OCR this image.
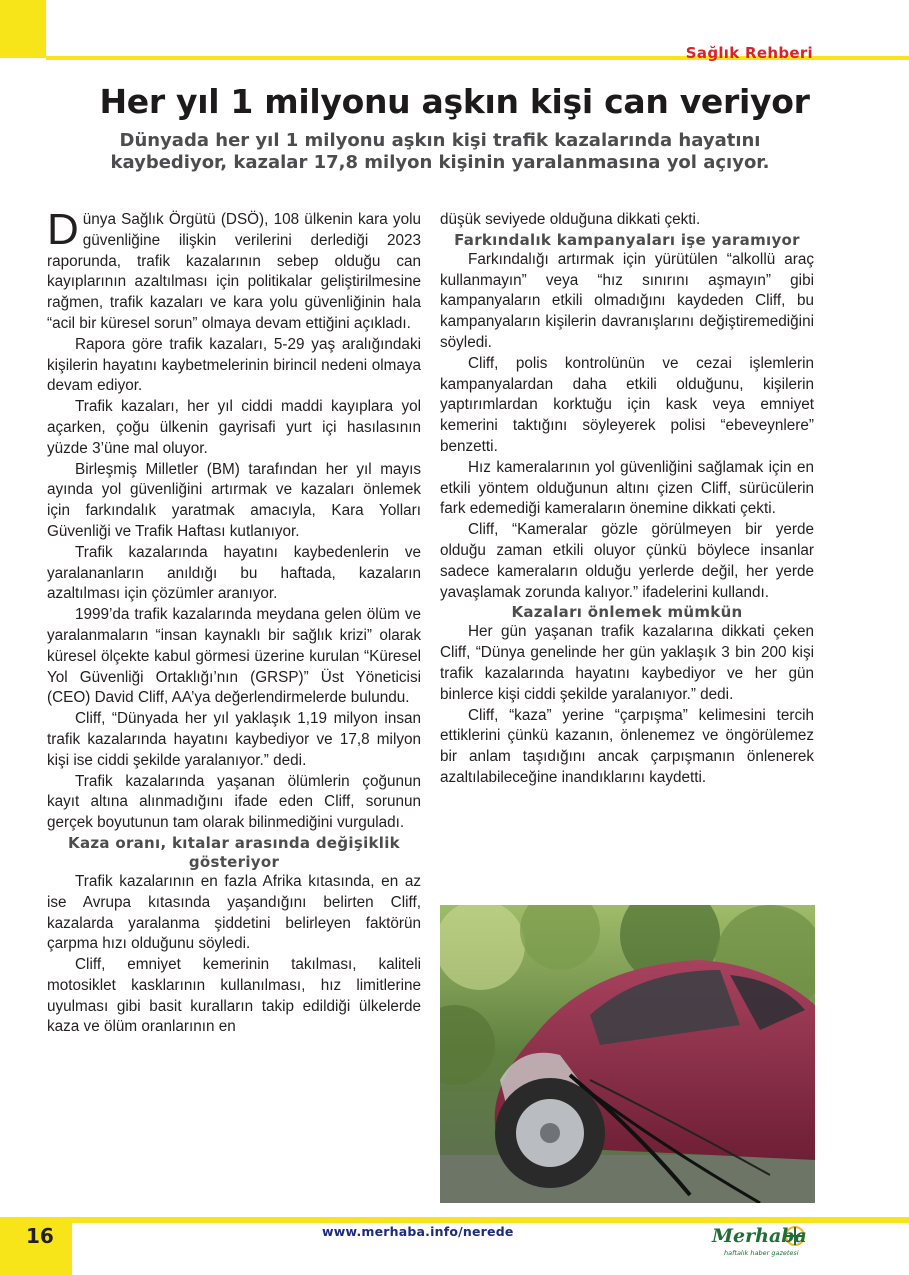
Sağlık Rehberi
Her yıl 1 milyonu aşkın kişi can veriyor
Dünyada her yıl 1 milyonu aşkın kişi trafik kazalarında hayatını kaybediyor, kazalar 17,8 milyon kişinin yaralanmasına yol açıyor.

Dünya Sağlık Örgütü (DSÖ), 108 ülkenin kara yolu güvenliğine ilişkin verilerini derlediği 2023 raporunda, trafik kazalarının sebep olduğu can kayıplarının azaltılması için politikalar geliştirilmesine rağmen, trafik kazaları ve kara yolu güvenliğinin hala “acil bir küresel sorun” olmaya devam ettiğini açıkladı.

Rapora göre trafik kazaları, 5-29 yaş aralığındaki kişilerin hayatını kaybetmelerinin birincil nedeni olmaya devam ediyor.

Trafik kazaları, her yıl ciddi maddi kayıplara yol açarken, çoğu ülkenin gayrisafi yurt içi hasılasının yüzde 3’üne mal oluyor.

Birleşmiş Milletler (BM) tarafından her yıl mayıs ayında yol güvenliğini artırmak ve kazaları önlemek için farkındalık yaratmak amacıyla, Kara Yolları Güvenliği ve Trafik Haftası kutlanıyor.

Trafik kazalarında hayatını kaybedenlerin ve yaralananların anıldığı bu haftada, kazaların azaltılması için çözümler aranıyor.

1999’da trafik kazalarında meydana gelen ölüm ve yaralanmaların “insan kaynaklı bir sağlık krizi” olarak küresel ölçekte kabul görmesi üzerine kurulan “Küresel Yol Güvenliği Ortaklığı’nın (GRSP)” Üst Yöneticisi (CEO) David Cliff, AA’ya değerlendirmelerde bulundu.

Cliff, “Dünyada her yıl yaklaşık 1,19 milyon insan trafik kazalarında hayatını kaybediyor ve 17,8 milyon kişi ise ciddi şekilde yaralanıyor.” dedi.

Trafik kazalarında yaşanan ölümlerin çoğunun kayıt altına alınmadığını ifade eden Cliff, sorunun gerçek boyutunun tam olarak bilinmediğini vurguladı.

Kaza oranı, kıtalar arasında değişiklik gösteriyor

Trafik kazalarının en fazla Afrika kıtasında, en az ise Avrupa kıtasında yaşandığını belirten Cliff, kazalarda yaralanma şiddetini belirleyen faktörün çarpma hızı olduğunu söyledi.

Cliff, emniyet kemerinin takılması, kaliteli motosiklet kasklarının kullanılması, hız limitlerine uyulması gibi basit kuralların takip edildiği ülkelerde kaza ve ölüm oranlarının en

düşük seviyede olduğuna dikkati çekti.

Farkındalık kampanyaları işe yaramıyor

Farkındalığı artırmak için yürütülen “alkollü araç kullanmayın” veya “hız sınırını aşmayın” gibi kampanyaların etkili olmadığını kaydeden Cliff, bu kampanyaların kişilerin davranışlarını değiştiremediğini söyledi.

Cliff, polis kontrolünün ve cezai işlemlerin kampanyalardan daha etkili olduğunu, kişilerin yaptırımlardan korktuğu için kask veya emniyet kemerini taktığını söyleyerek polisi “ebeveynlere” benzetti.

Hız kameralarının yol güvenliğini sağlamak için en etkili yöntem olduğunun altını çizen Cliff, sürücülerin fark edemediği kameraların önemine dikkati çekti.

Cliff, “Kameralar gözle görülmeyen bir yerde olduğu zaman etkili oluyor çünkü böylece insanlar sadece kameraların olduğu yerlerde değil, her yerde yavaşlamak zorunda kalıyor.” ifadelerini kullandı.

Kazaları önlemek mümkün

Her gün yaşanan trafik kazalarına dikkati çeken Cliff, “Dünya genelinde her gün yaklaşık 3 bin 200 kişi trafik kazalarında hayatını kaybediyor ve her gün binlerce kişi ciddi şekilde yaralanıyor.” dedi.

Cliff, “kaza” yerine “çarpışma” kelimesini tercih ettiklerini çünkü kazanın, önlenemez ve öngörülemez bir anlam taşıdığını ancak çarpışmanın önlenerek azaltılabileceğine inandıklarını kaydetti.

16	www.merhaba.info/nerede	Merhaba
haftalık haber gazetesi
